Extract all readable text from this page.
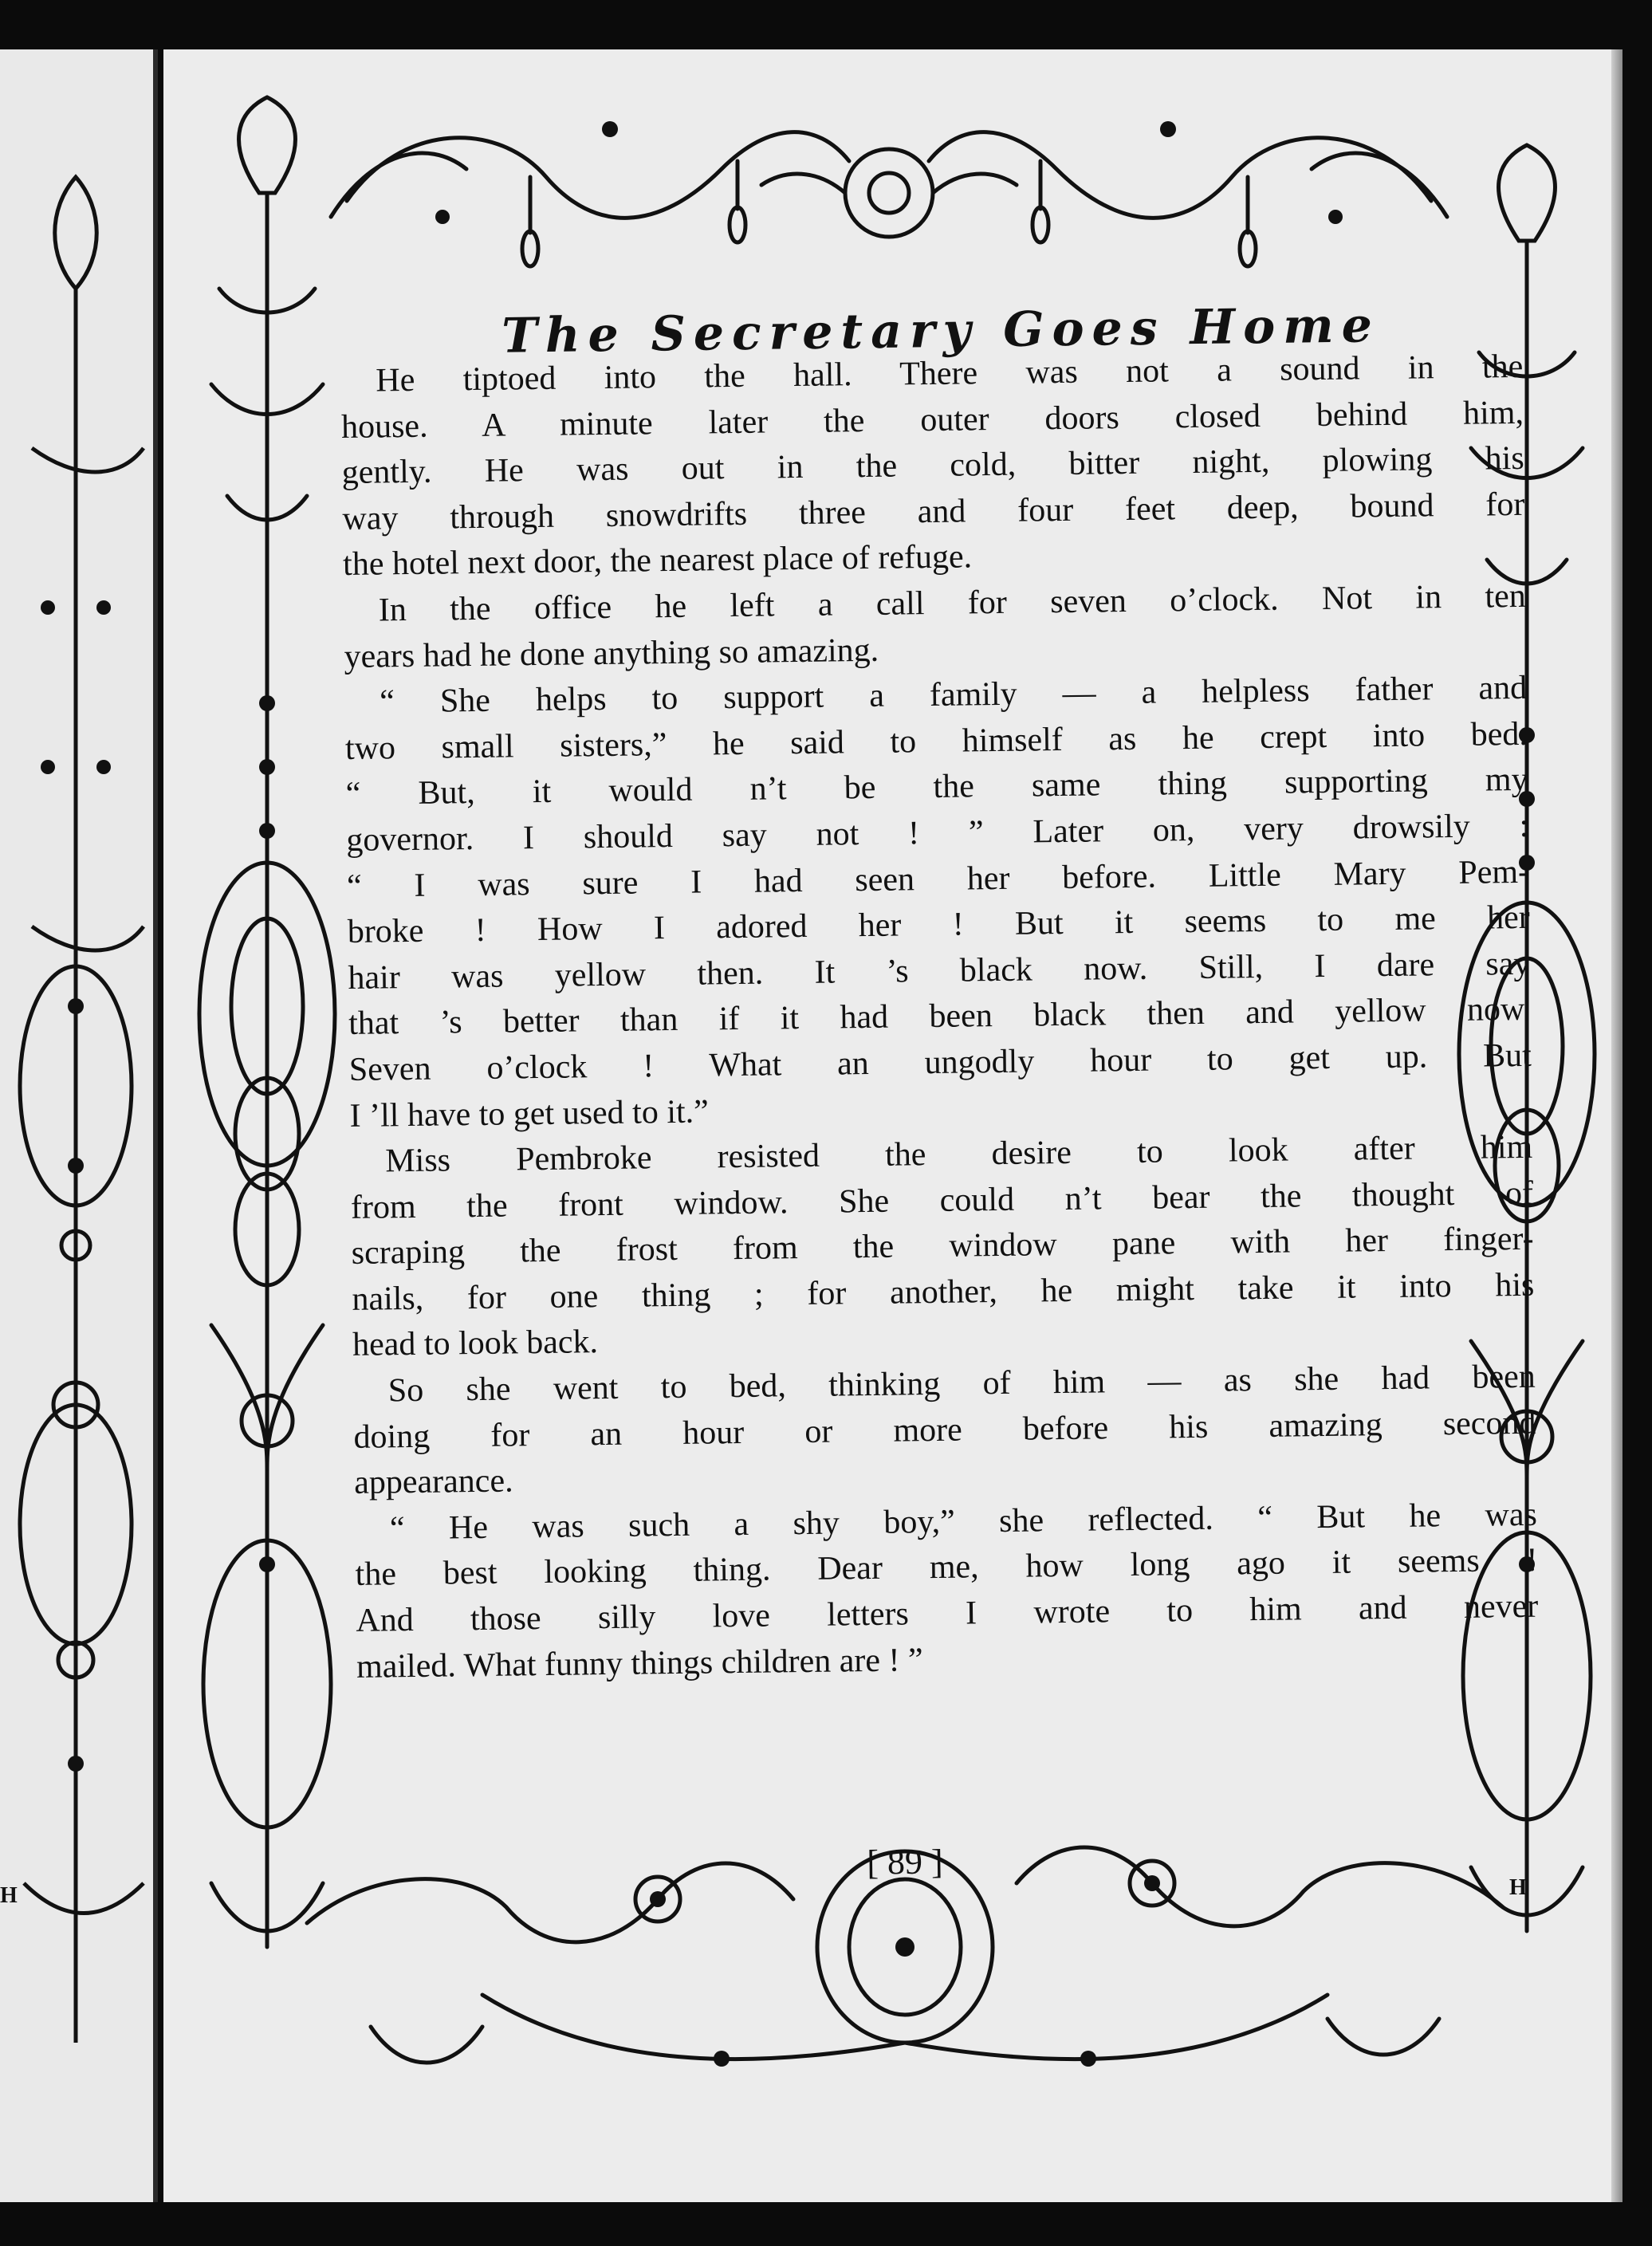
H
The Secretary Goes Home

He tiptoed into the hall. There was not a sound in the
house. A minute later the outer doors closed behind him,
gently. He was out in the cold, bitter night, plowing his
way through snowdrifts three and four feet deep, bound for
the hotel next door, the nearest place of refuge.

In the office he left a call for seven o’clock. Not in ten
years had he done anything so amazing.

“ She helps to support a family — a helpless father and
two small sisters,” he said to himself as he crept into bed.
“ But, it would n’t be the same thing supporting my
governor. I should say not ! ” Later on, very drowsily :
“ I was sure I had seen her before. Little Mary Pem-
broke ! How I adored her ! But it seems to me her
hair was yellow then. It ’s black now. Still, I dare say
that ’s better than if it had been black then and yellow now.
Seven o’clock ! What an ungodly hour to get up. But
I ’ll have to get used to it.”

Miss Pembroke resisted the desire to look after him
from the front window. She could n’t bear the thought of
scraping the frost from the window pane with her finger-
nails, for one thing ; for another, he might take it into his
head to look back.

So she went to bed, thinking of him — as she had been
doing for an hour or more before his amazing second
appearance.

“ He was such a shy boy,” she reflected. “ But he was
the best looking thing. Dear me, how long ago it seems !
And those silly love letters I wrote to him and never
mailed. What funny things children are ! ”

[ 89 ]
H
